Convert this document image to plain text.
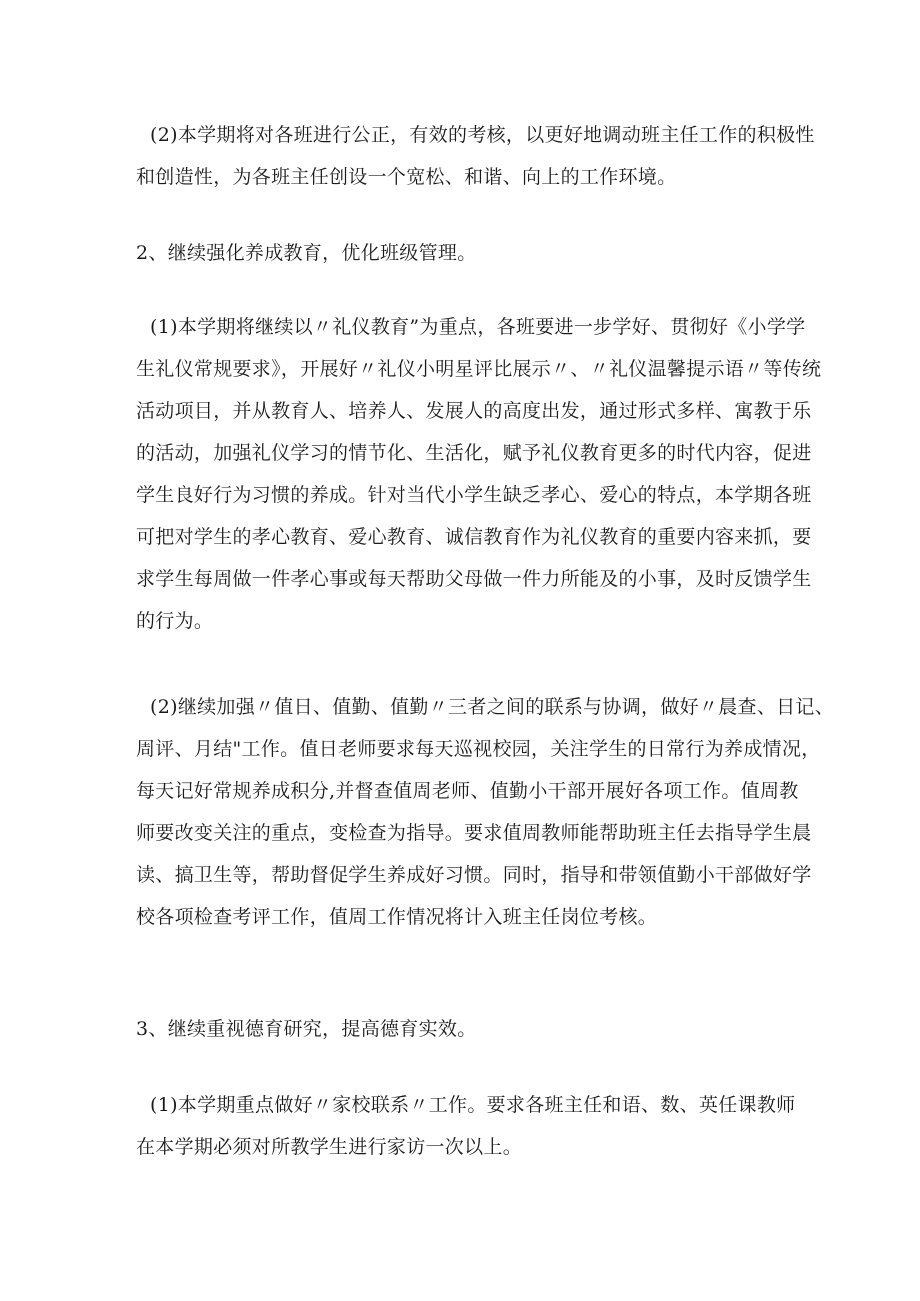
(2)本学期将对各班进行公正，有效的考核，以更好地调动班主任工作的积极性
和创造性，为各班主任创设一个宽松、和谐、向上的工作环境。
2、继续强化养成教育，优化班级管理。
(1)本学期将继续以〃礼仪教育”为重点，各班要进一步学好、贯彻好《小学学
生礼仪常规要求》，开展好〃礼仪小明星评比展示〃、〃礼仪温馨提示语〃等传统
活动项目，并从教育人、培养人、发展人的高度出发，通过形式多样、寓教于乐
的活动，加强礼仪学习的情节化、生活化，赋予礼仪教育更多的时代内容，促进
学生良好行为习惯的养成。针对当代小学生缺乏孝心、爱心的特点，本学期各班
可把对学生的孝心教育、爱心教育、诚信教育作为礼仪教育的重要内容来抓，要
求学生每周做一件孝心事或每天帮助父母做一件力所能及的小事，及时反馈学生
的行为。
(2)继续加强〃值日、值勤、值勤〃三者之间的联系与协调，做好〃晨查、日记、
周评、月结"工作。值日老师要求每天巡视校园，关注学生的日常行为养成情况，
每天记好常规养成积分,并督查值周老师、值勤小干部开展好各项工作。值周教
师要改变关注的重点，变检查为指导。要求值周教师能帮助班主任去指导学生晨
读、搞卫生等，帮助督促学生养成好习惯。同时，指导和带领值勤小干部做好学
校各项检查考评工作，值周工作情况将计入班主任岗位考核。
3、继续重视德育研究，提高德育实效。
(1)本学期重点做好〃家校联系〃工作。要求各班主任和语、数、英任课教师
在本学期必须对所教学生进行家访一次以上。
